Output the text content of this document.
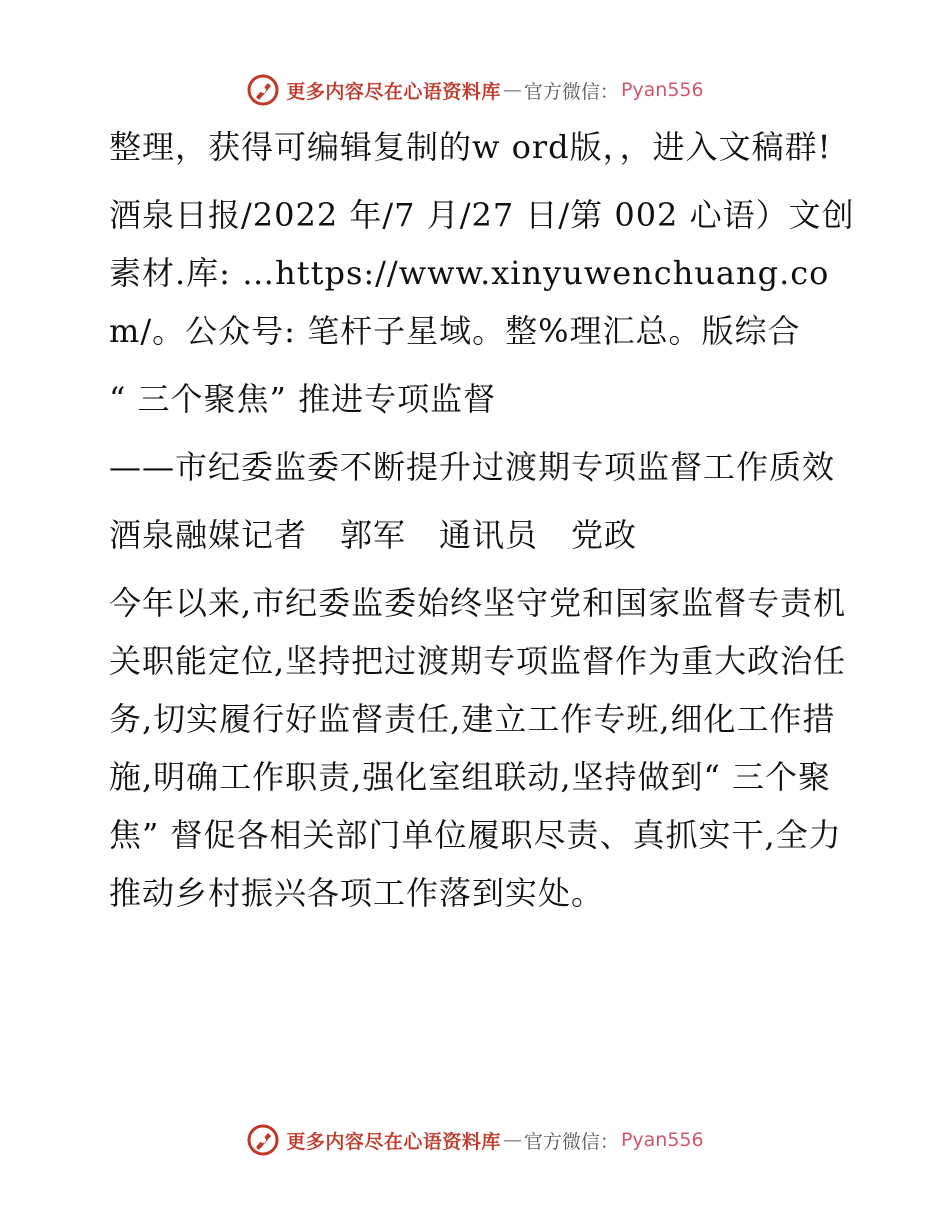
更多内容尽在心语资料库 — 官方微信： Pyan556

整理，获得可编辑复制的w ord版，，进入文稿群!

酒泉日报/2022 年/7 月/27 日/第 002 心语）文创素材.库: …https://www.xinyuwenchuang.com/。公众号: 笔杆子星域。整%理汇总。版综合

“ 三个聚焦” 推进专项监督

——市纪委监委不断提升过渡期专项监督工作质效

酒泉融媒记者　郭军　通讯员　党政

今年以来,市纪委监委始终坚守党和国家监督专责机关职能定位,坚持把过渡期专项监督作为重大政治任务,切实履行好监督责任,建立工作专班,细化工作措施,明确工作职责,强化室组联动,坚持做到“ 三个聚焦” 督促各相关部门单位履职尽责、真抓实干,全力推动乡村振兴各项工作落到实处。

更多内容尽在心语资料库 — 官方微信： Pyan556
